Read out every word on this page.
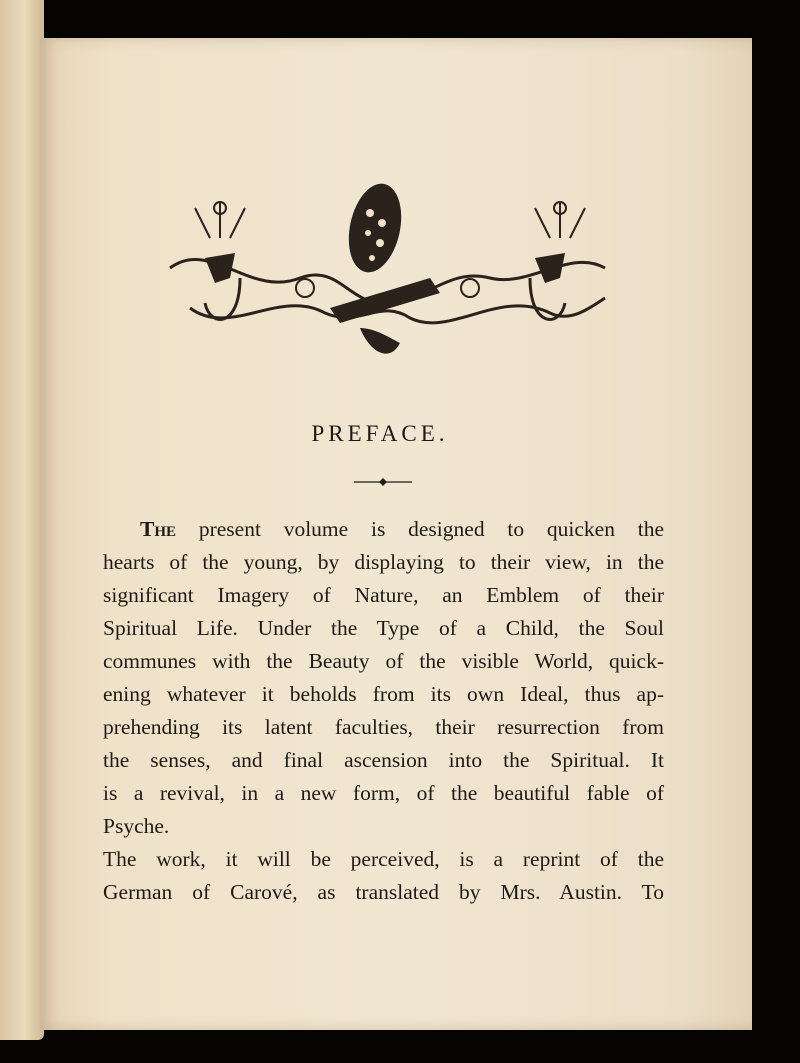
PREFACE.
The present volume is designed to quicken the
hearts of the young, by displaying to their view, in the
significant Imagery of Nature, an Emblem of their
Spiritual Life. Under the Type of a Child, the Soul
communes with the Beauty of the visible World, quick-
ening whatever it beholds from its own Ideal, thus ap-
prehending its latent faculties, their resurrection from
the senses, and final ascension into the Spiritual. It
is a revival, in a new form, of the beautiful fable of
Psyche.
The work, it will be perceived, is a reprint of the
German of Carové, as translated by Mrs. Austin. To
